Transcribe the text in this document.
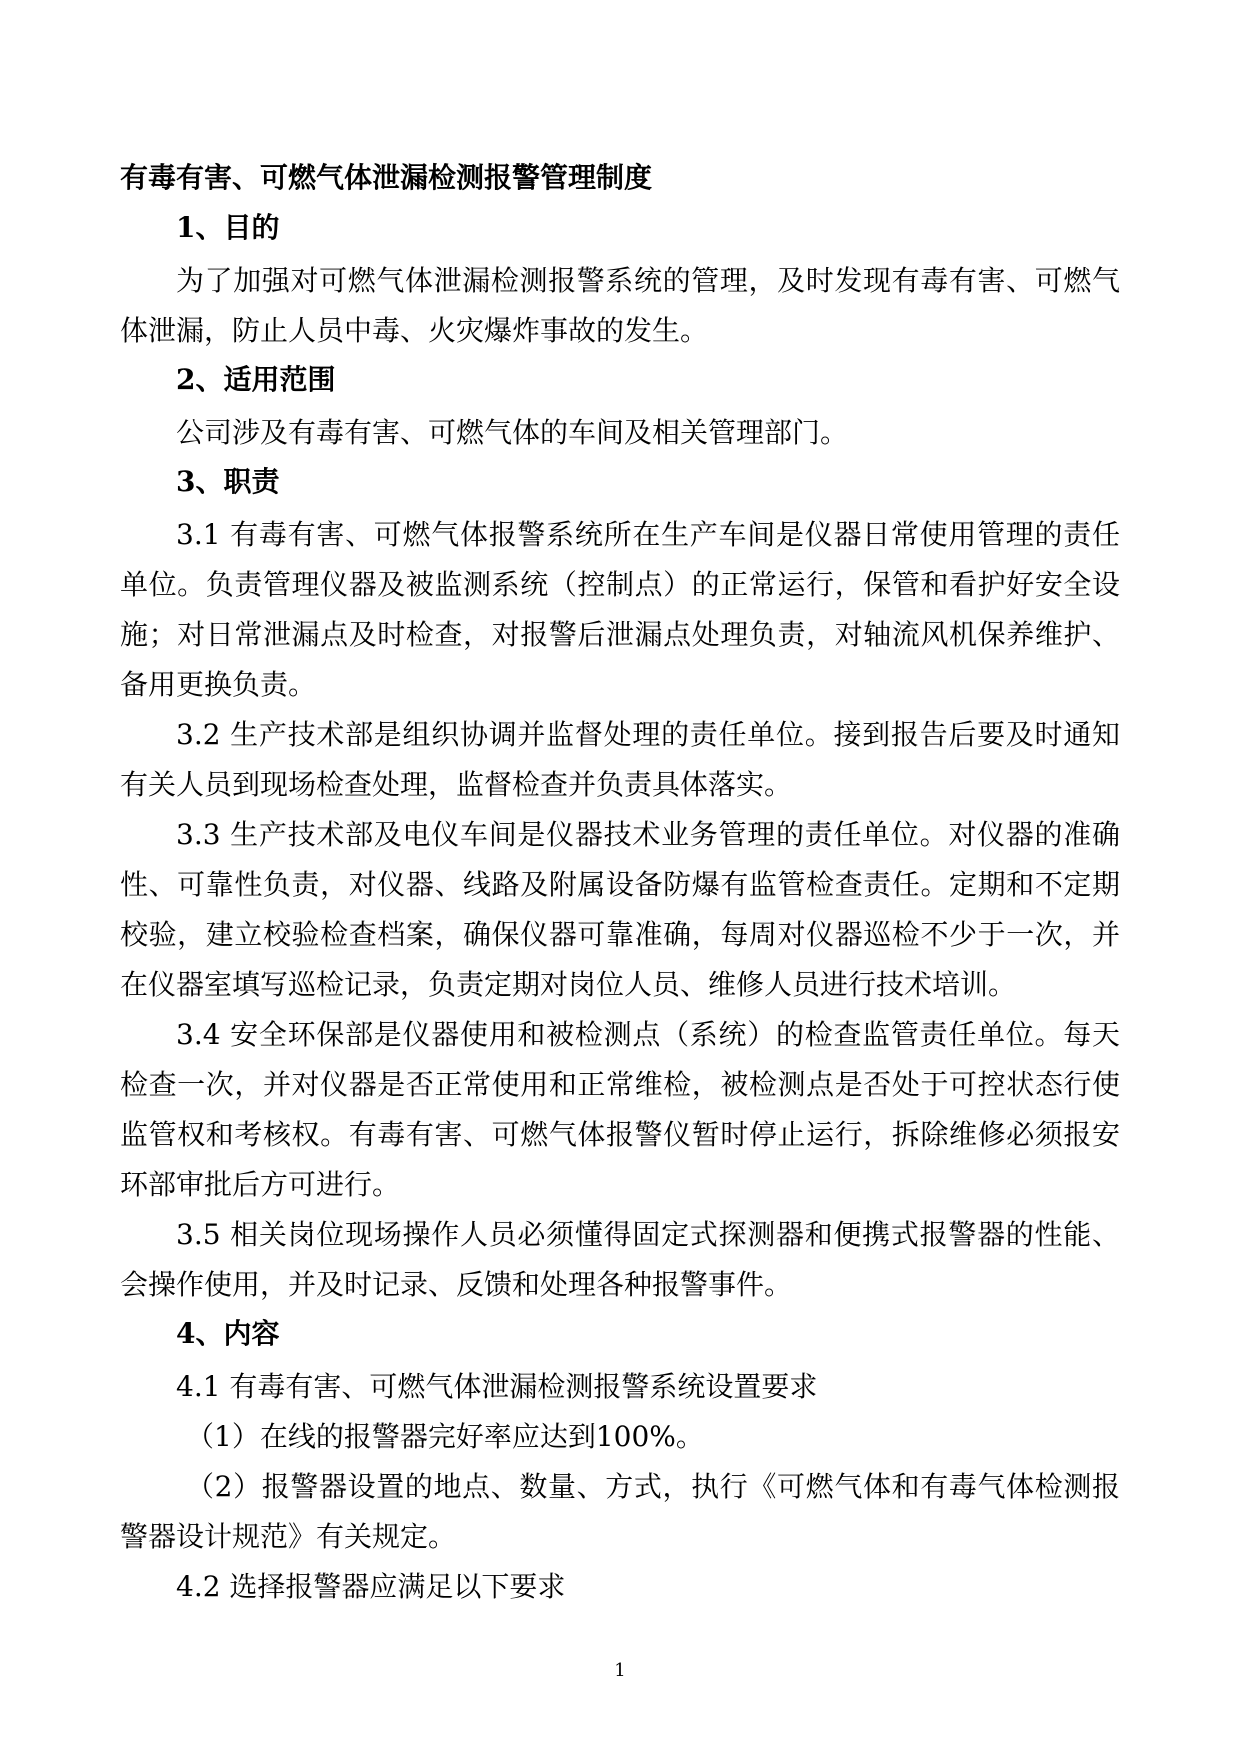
有毒有害、可燃气体泄漏检测报警管理制度
1、目的

为了加强对可燃气体泄漏检测报警系统的管理，及时发现有毒有害、可燃气体泄漏，防止人员中毒、火灾爆炸事故的发生。

2、适用范围

公司涉及有毒有害、可燃气体的车间及相关管理部门。

3、职责

3.1 有毒有害、可燃气体报警系统所在生产车间是仪器日常使用管理的责任单位。负责管理仪器及被监测系统（控制点）的正常运行，保管和看护好安全设施；对日常泄漏点及时检查，对报警后泄漏点处理负责，对轴流风机保养维护、备用更换负责。

3.2 生产技术部是组织协调并监督处理的责任单位。接到报告后要及时通知有关人员到现场检查处理，监督检查并负责具体落实。

3.3 生产技术部及电仪车间是仪器技术业务管理的责任单位。对仪器的准确性、可靠性负责，对仪器、线路及附属设备防爆有监管检查责任。定期和不定期校验，建立校验检查档案，确保仪器可靠准确，每周对仪器巡检不少于一次，并在仪器室填写巡检记录，负责定期对岗位人员、维修人员进行技术培训。

3.4 安全环保部是仪器使用和被检测点（系统）的检查监管责任单位。每天检查一次，并对仪器是否正常使用和正常维检，被检测点是否处于可控状态行使监管权和考核权。有毒有害、可燃气体报警仪暂时停止运行，拆除维修必须报安环部审批后方可进行。

3.5 相关岗位现场操作人员必须懂得固定式探测器和便携式报警器的性能、会操作使用，并及时记录、反馈和处理各种报警事件。

4、内容

4.1 有毒有害、可燃气体泄漏检测报警系统设置要求

（1）在线的报警器完好率应达到100%。

（2）报警器设置的地点、数量、方式，执行《可燃气体和有毒气体检测报警器设计规范》有关规定。

4.2 选择报警器应满足以下要求

1
